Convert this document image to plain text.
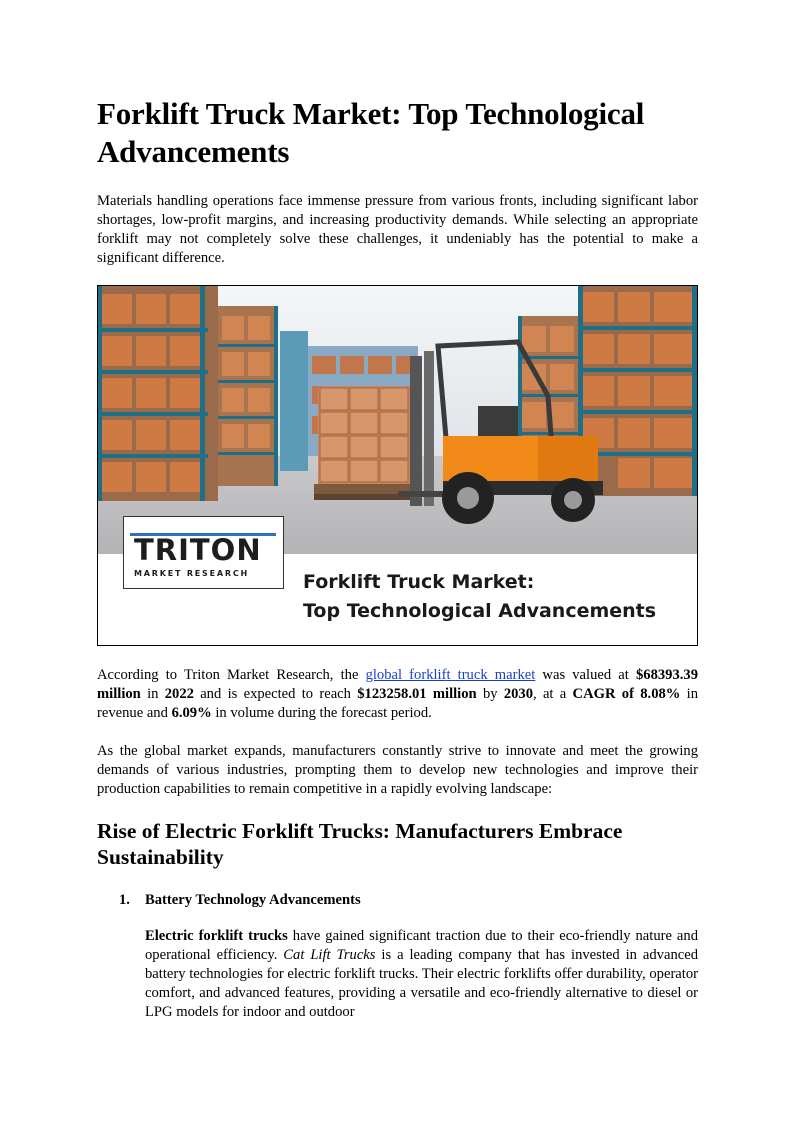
Forklift Truck Market: Top Technological Advancements

Materials handling operations face immense pressure from various fronts, including significant labor shortages, low-profit margins, and increasing productivity demands. While selecting an appropriate forklift may not completely solve these challenges, it undeniably has the potential to make a significant difference.

TRITON
MARKET RESEARCH	Forklift Truck Market:
Top Technological Advancements

According to Triton Market Research, the global forklift truck market was valued at $68393.39 million in 2022 and is expected to reach $123258.01 million by 2030, at a CAGR of 8.08% in revenue and 6.09% in volume during the forecast period.

As the global market expands, manufacturers constantly strive to innovate and meet the growing demands of various industries, prompting them to develop new technologies and improve their production capabilities to remain competitive in a rapidly evolving landscape:

Rise of Electric Forklift Trucks: Manufacturers Embrace Sustainability
1. Battery Technology Advancements

Electric forklift trucks have gained significant traction due to their eco-friendly nature and operational efficiency. Cat Lift Trucks is a leading company that has invested in advanced battery technologies for electric forklift trucks. Their electric forklifts offer durability, operator comfort, and advanced features, providing a versatile and eco-friendly alternative to diesel or LPG models for indoor and outdoor
